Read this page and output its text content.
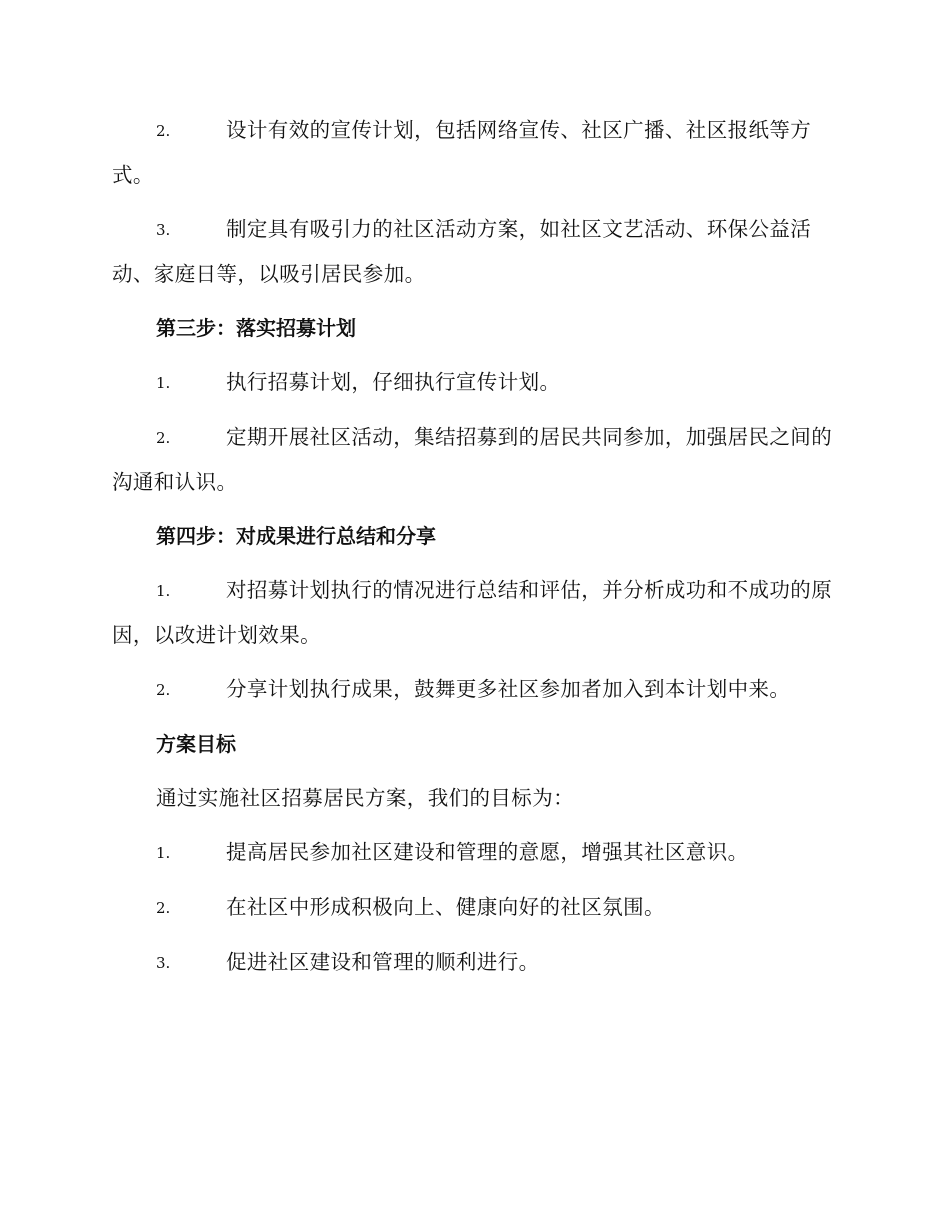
2.	设计有效的宣传计划，包括网络宣传、社区广播、社区报纸等方式。
3.	制定具有吸引力的社区活动方案，如社区文艺活动、环保公益活动、家庭日等，以吸引居民参加。
第三步：落实招募计划
1.	执行招募计划，仔细执行宣传计划。
2.	定期开展社区活动，集结招募到的居民共同参加，加强居民之间的沟通和认识。
第四步：对成果进行总结和分享
1.	对招募计划执行的情况进行总结和评估，并分析成功和不成功的原因，以改进计划效果。
2.	分享计划执行成果，鼓舞更多社区参加者加入到本计划中来。
方案目标
通过实施社区招募居民方案，我们的目标为：
1.	提高居民参加社区建设和管理的意愿，增强其社区意识。
2.	在社区中形成积极向上、健康向好的社区氛围。
3.	促进社区建设和管理的顺利进行。
